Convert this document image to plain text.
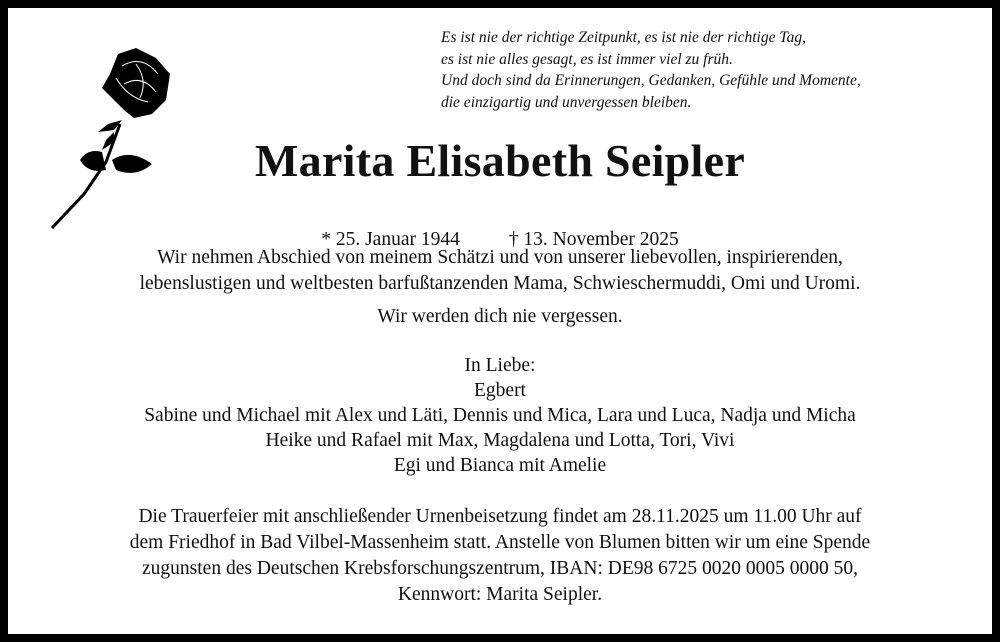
Es ist nie der richtige Zeitpunkt, es ist nie der richtige Tag,
es ist nie alles gesagt, es ist immer viel zu früh.
Und doch sind da Erinnerungen, Gedanken, Gefühle und Momente,
die einzigartig und unvergessen bleiben.
Marita Elisabeth Seipler
* 25. Januar 1944	† 13. November 2025
Wir nehmen Abschied von meinem Schätzi und von unserer liebevollen, inspirierenden,
lebenslustigen und weltbesten barfußtanzenden Mama, Schwieschermuddi, Omi und Uromi.
Wir werden dich nie vergessen.
In Liebe:
Egbert
Sabine und Michael mit Alex und Läti, Dennis und Mica, Lara und Luca, Nadja und Micha
Heike und Rafael mit Max, Magdalena und Lotta, Tori, Vivi
Egi und Bianca mit Amelie
Die Trauerfeier mit anschließender Urnenbeisetzung findet am 28.11.2025 um 11.00 Uhr auf
dem Friedhof in Bad Vilbel-Massenheim statt. Anstelle von Blumen bitten wir um eine Spende
zugunsten des Deutschen Krebsforschungszentrum, IBAN: DE98 6725 0020 0005 0000 50,
Kennwort: Marita Seipler.
